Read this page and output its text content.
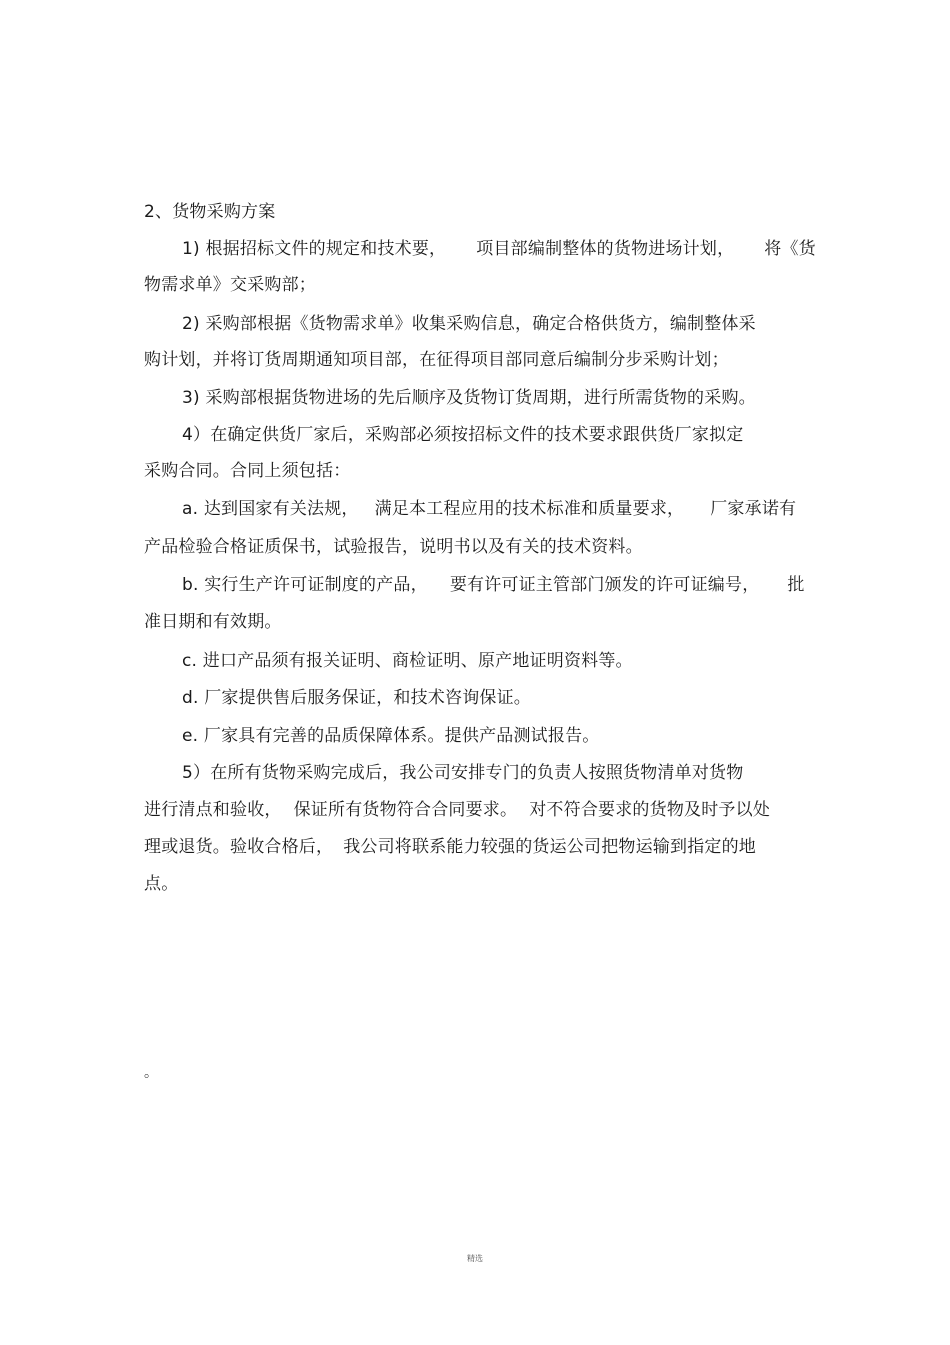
2、货物采购方案
1) 根据招标文件的规定和技术要， 项目部编制整体的货物进场计划， 将《货
物需求单》交采购部；
2) 采购部根据《货物需求单》收集采购信息，确定合格供货方，编制整体采
购计划，并将订货周期通知项目部，在征得项目部同意后编制分步采购计划；
3) 采购部根据货物进场的先后顺序及货物订货周期，进行所需货物的采购。
4）在确定供货厂家后，采购部必须按招标文件的技术要求跟供货厂家拟定
采购合同。合同上须包括：
a. 达到国家有关法规， 满足本工程应用的技术标准和质量要求， 厂家承诺有
产品检验合格证质保书，试验报告，说明书以及有关的技术资料。
b. 实行生产许可证制度的产品， 要有许可证主管部门颁发的许可证编号， 批
准日期和有效期。
c. 进口产品须有报关证明、商检证明、原产地证明资料等。
d. 厂家提供售后服务保证，和技术咨询保证。
e. 厂家具有完善的品质保障体系。提供产品测试报告。
5）在所有货物采购完成后，我公司安排专门的负责人按照货物清单对货物
进行清点和验收， 保证所有货物符合合同要求。 对不符合要求的货物及时予以处
理或退货。验收合格后， 我公司将联系能力较强的货运公司把物运输到指定的地
点。
。
精选
